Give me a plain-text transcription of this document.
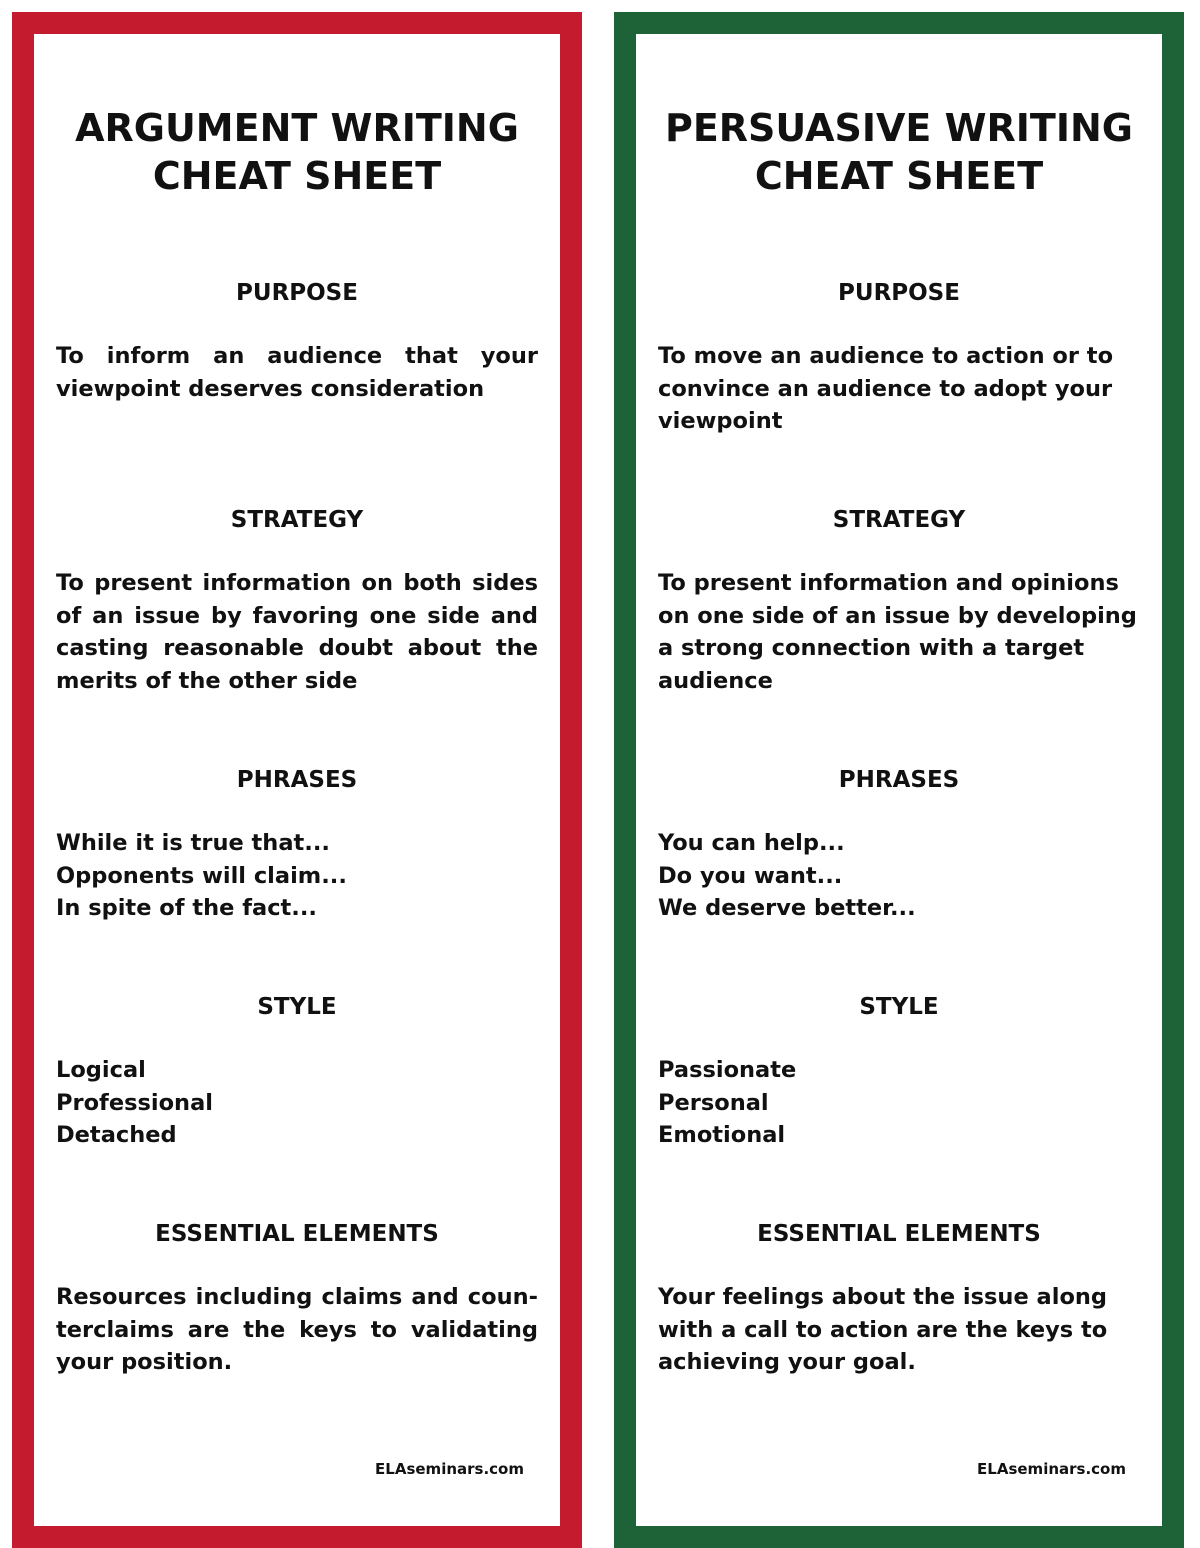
ARGUMENT WRITING
CHEAT SHEET
PURPOSE

To inform an audience that your viewpoint deserves consideration

STRATEGY

To present information on both sides of an issue by favoring one side and casting reasonable doubt about the merits of the other side

PHRASES

While it is true that...
Opponents will claim...
In spite of the fact...

STYLE

Logical
Professional
Detached

ESSENTIAL ELEMENTS

Resources including claims and counterclaims are the keys to validating your position.

ELAseminars.com
PERSUASIVE WRITING
CHEAT SHEET
PURPOSE

To move an audience to action or to convince an audience to adopt your viewpoint

STRATEGY

To present information and opinions on one side of an issue by developing a strong connection with a target audience

PHRASES

You can help...
Do you want...
We deserve better...

STYLE

Passionate
Personal
Emotional

ESSENTIAL ELEMENTS

Your feelings about the issue along with a call to action are the keys to achieving your goal.

ELAseminars.com
